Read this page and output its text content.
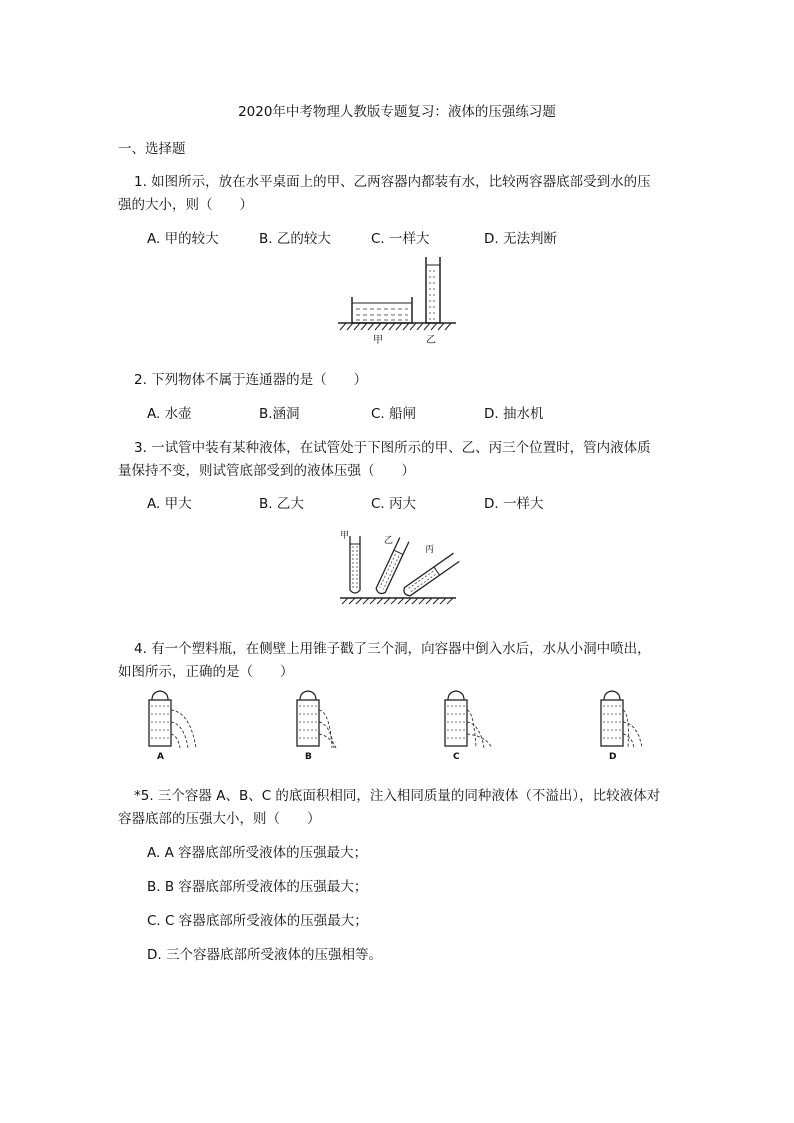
2020年中考物理人教版专题复习：液体的压强练习题
一、选择题
1. 如图所示，放在水平桌面上的甲、乙两容器内都装有水，比较两容器底部受到水的压
强的大小，则（　　）
A. 甲的较大	B. 乙的较大	C. 一样大	D. 无法判断
甲	乙
2. 下列物体不属于连通器的是（　　）
A. 水壶	B.涵洞	C. 船闸	D. 抽水机
3. 一试管中装有某种液体，在试管处于下图所示的甲、乙、丙三个位置时，管内液体质
量保持不变，则试管底部受到的液体压强（　　）
A. 甲大	B. 乙大	C. 丙大	D. 一样大
甲	乙
丙
4. 有一个塑料瓶，在侧壁上用锥子戳了三个洞，向容器中倒入水后，水从小洞中喷出，
如图所示，正确的是（　　）
A	B	C	D
*5. 三个容器 A、B、C 的底面积相同，注入相同质量的同种液体（不溢出），比较液体对
容器底部的压强大小，则（　　）
A. A 容器底部所受液体的压强最大；
B. B 容器底部所受液体的压强最大；
C. C 容器底部所受液体的压强最大；
D. 三个容器底部所受液体的压强相等。
